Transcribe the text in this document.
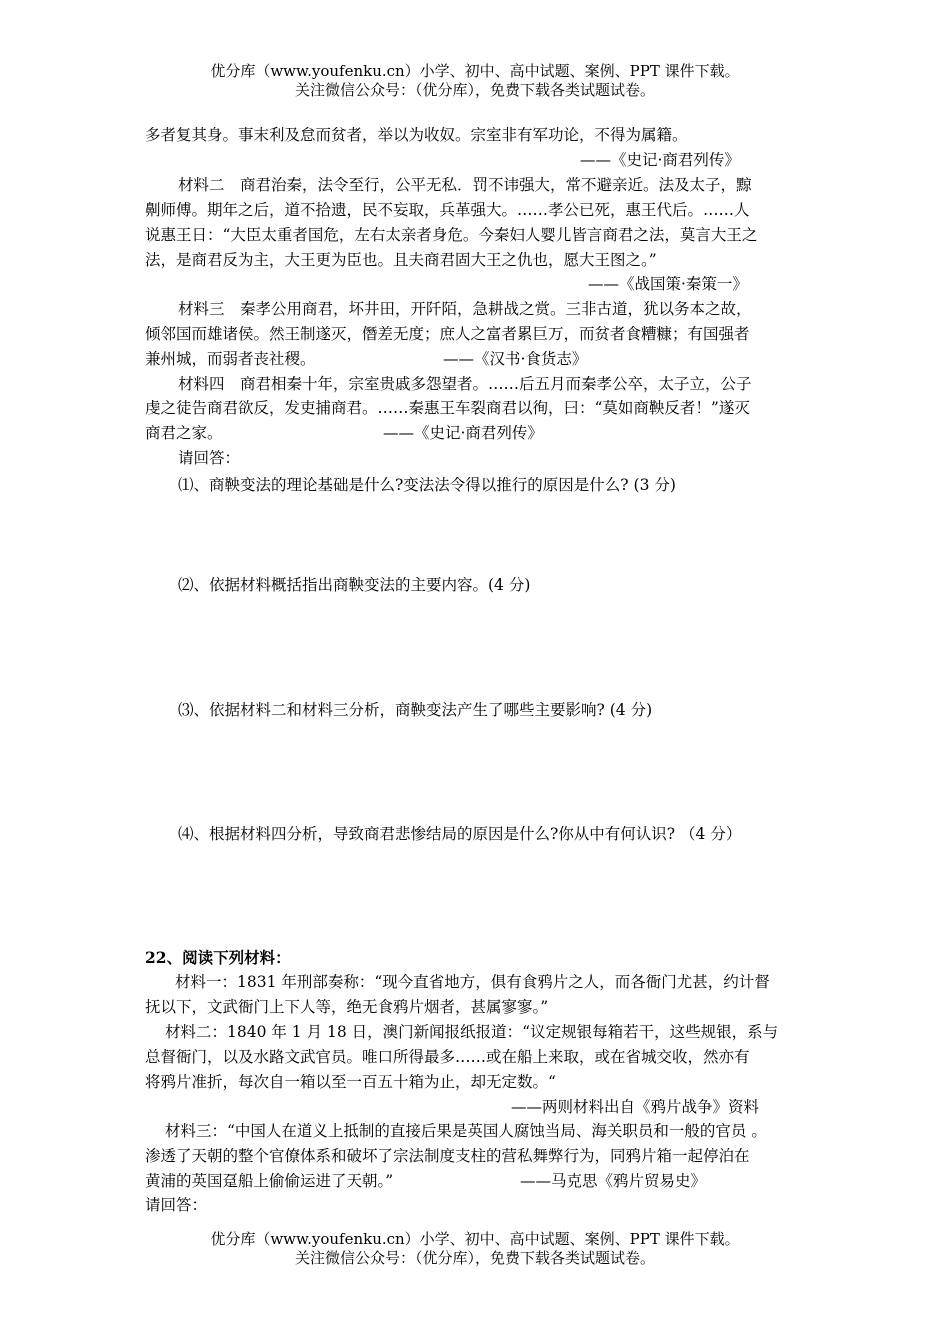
优分库（www.youfenku.cn）小学、初中、高中试题、案例、PPT 课件下载。
关注微信公众号：（优分库），免费下载各类试题试卷。
多者复其身。事末利及怠而贫者，举以为收奴。宗室非有军功论，不得为属籍。
——《史记·商君列传》
材料二　商君治秦，法令至行，公平无私．罚不讳强大，常不避亲近。法及太子，黥
劓师傅。期年之后，道不拾遗，民不妄取，兵革强大。……孝公已死，惠王代后。……人
说惠王日：“大臣太重者国危，左右太亲者身危。今秦妇人婴儿皆言商君之法，莫言大王之
法，是商君反为主，大王更为臣也。且夫商君固大王之仇也，愿大王图之。”
——《战国策·秦策一》
材料三　秦孝公用商君，坏井田，开阡陌，急耕战之赏。三非古道，犹以务本之故，
倾邻国而雄诸侯。然王制遂灭，僭差无度；庶人之富者累巨万，而贫者食糟糠；有国强者
兼州城，而弱者丧社稷。	——《汉书·食货志》
材料四　商君相秦十年，宗室贵戚多怨望者。……后五月而秦孝公卒，太子立，公子
虔之徒告商君欲反，发吏捕商君。……秦惠王车裂商君以徇，曰：“莫如商鞅反者！”遂灭
商君之家。	——《史记·商君列传》
请回答：
⑴、商鞅变法的理论基础是什么?变法法令得以推行的原因是什么? (3 分)
⑵、依据材料概括指出商鞅变法的主要内容。(4 分)
⑶、依据材料二和材料三分析，商鞅变法产生了哪些主要影响? (4 分)
⑷、根据材料四分析，导致商君悲惨结局的原因是什么?你从中有何认识? （4 分）
22、阅读下列材料：
材料一：1831 年刑部奏称：“现今直省地方，俱有食鸦片之人，而各衙门尤甚，约计督
抚以下，文武衙门上下人等，绝无食鸦片烟者，甚属寥寥。”
材料二：1840 年 1 月 18 日，澳门新闻报纸报道：“议定规银每箱若干，这些规银，系与
总督衙门，以及水路文武官员。唯口所得最多……或在船上来取，或在省城交收，然亦有
将鸦片准折，每次自一箱以至一百五十箱为止，却无定数。“
——两则材料出自《鸦片战争》资料
材料三：“中国人在道义上抵制的直接后果是英国人腐蚀当局、海关职员和一般的官员 。
渗透了天朝的整个官僚体系和破坏了宗法制度支柱的营私舞弊行为，同鸦片箱一起停泊在
黄浦的英国趸船上偷偷运进了天朝。”	——马克思《鸦片贸易史》
请回答：
优分库（www.youfenku.cn）小学、初中、高中试题、案例、PPT 课件下载。
关注微信公众号：（优分库），免费下载各类试题试卷。
